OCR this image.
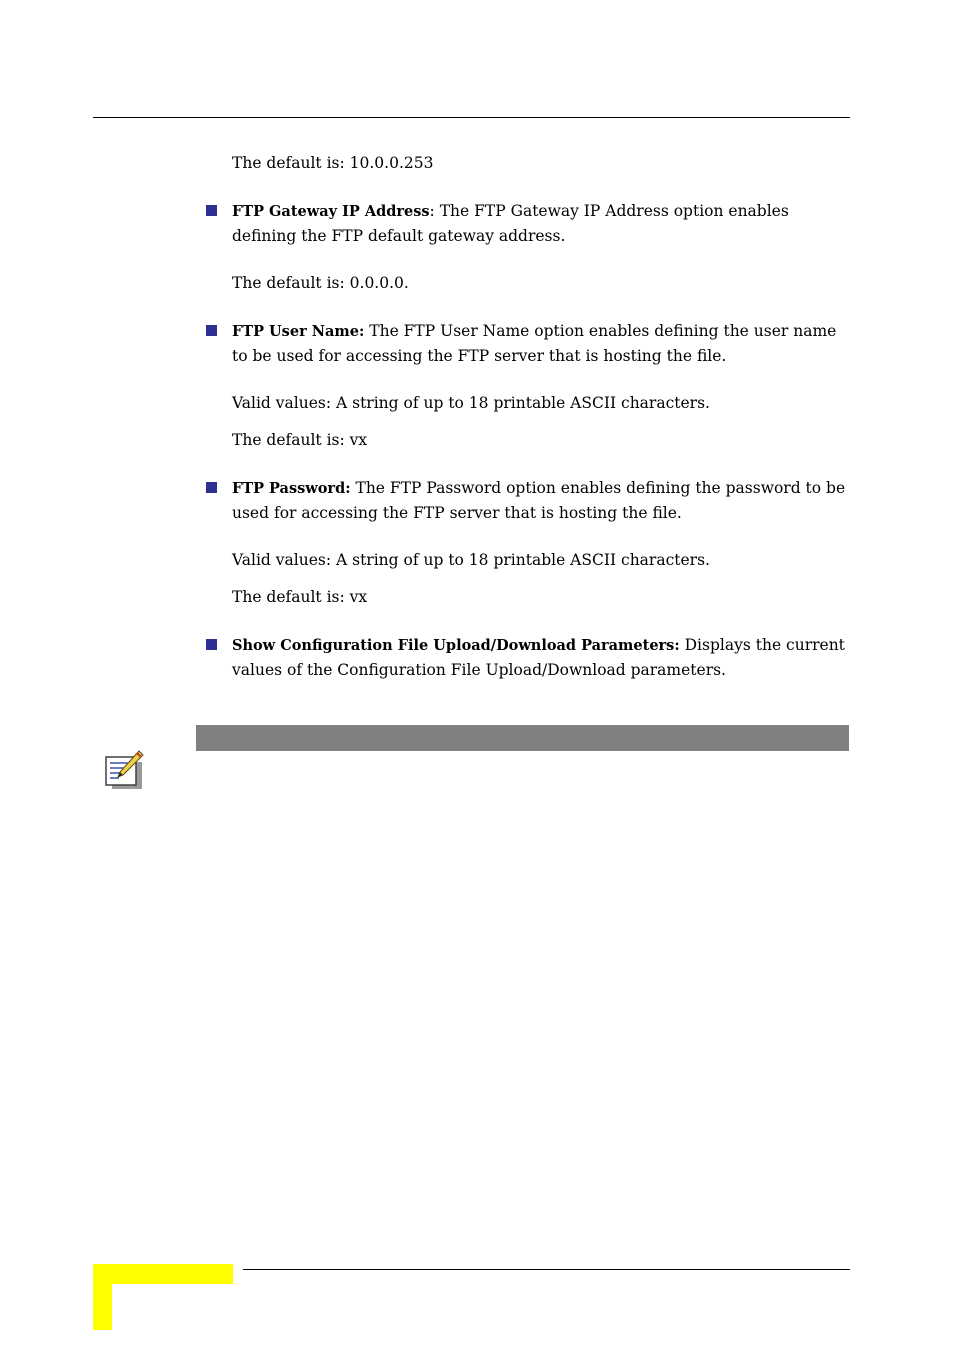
The default is: 10.0.0.253
FTP Gateway IP Address: The FTP Gateway IP Address option enables defining the FTP default gateway address.
The default is: 0.0.0.0.
FTP User Name: The FTP User Name option enables defining the user name to be used for accessing the FTP server that is hosting the file.
Valid values: A string of up to 18 printable ASCII characters.
The default is: vx
FTP Password: The FTP Password option enables defining the password to be used for accessing the FTP server that is hosting the file.
Valid values: A string of up to 18 printable ASCII characters.
The default is: vx
Show Configuration File Upload/Download Parameters: Displays the current values of the Configuration File Upload/Download parameters.
